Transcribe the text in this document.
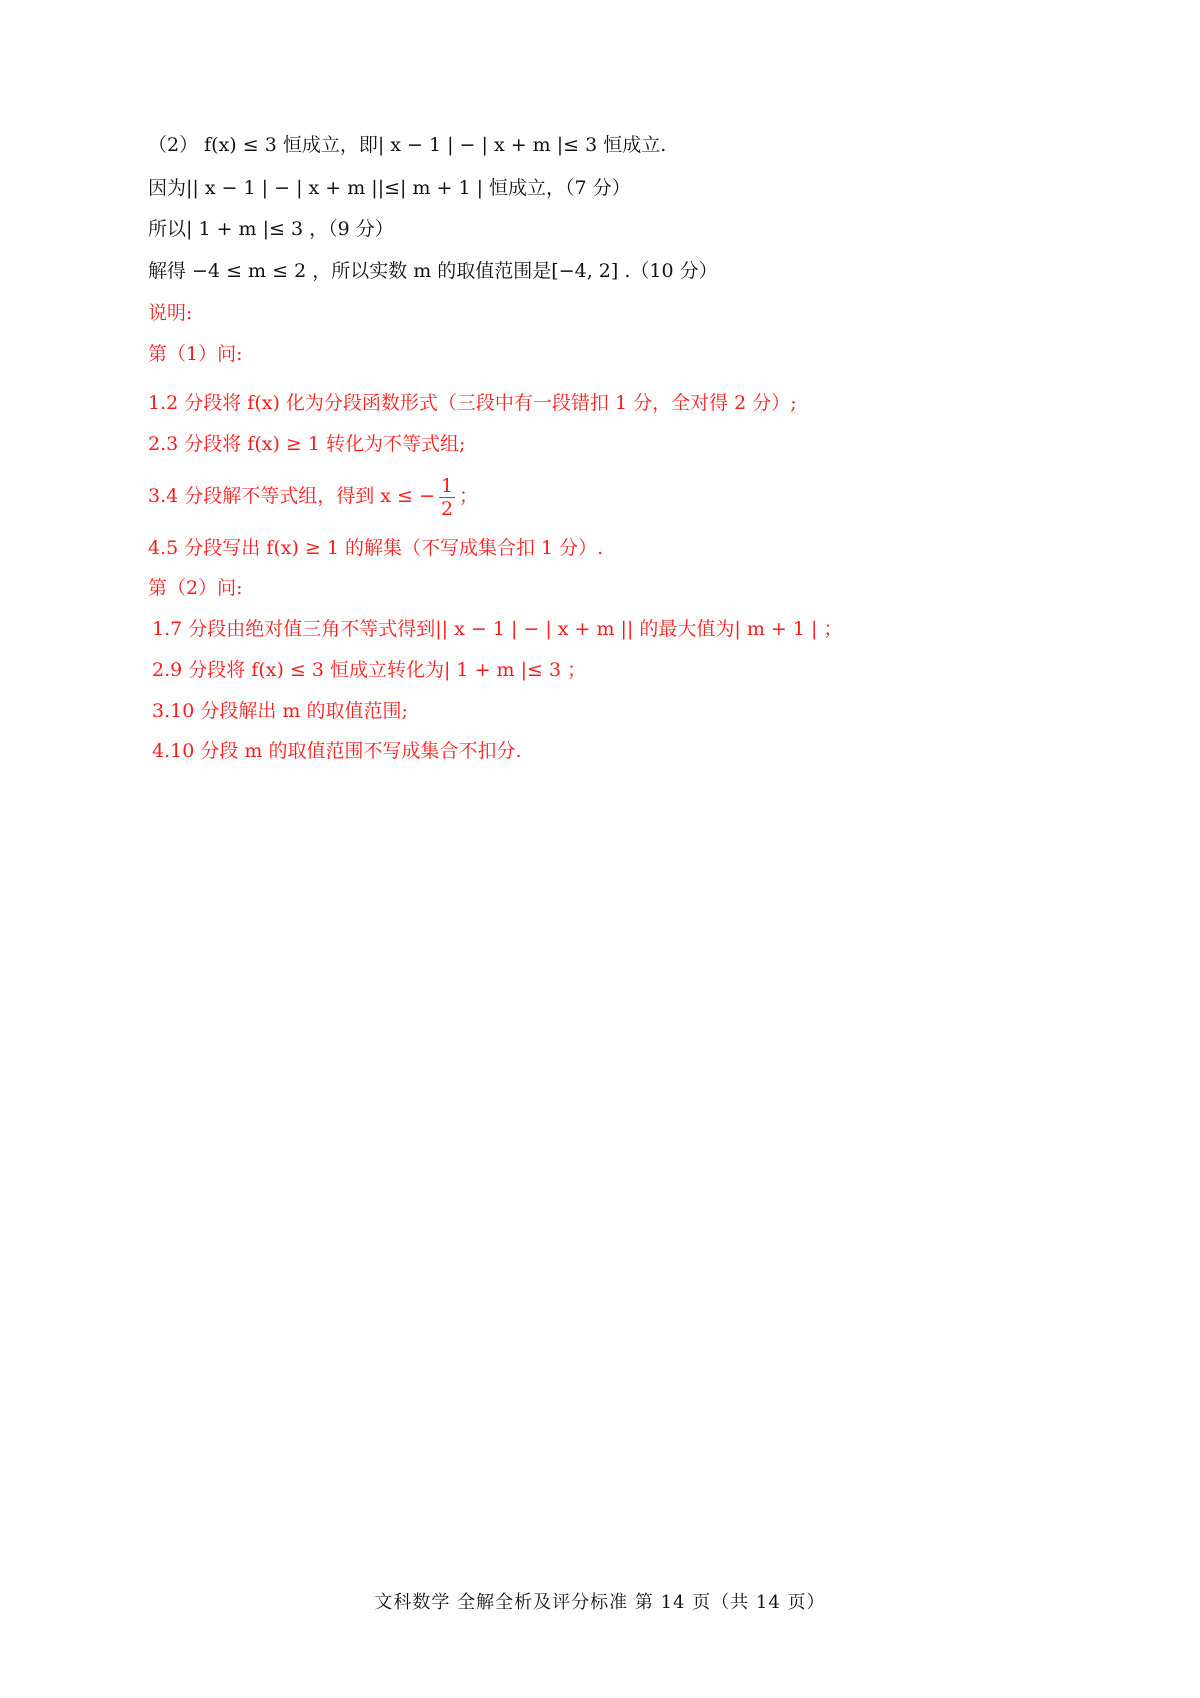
（2） f(x) ≤ 3 恒成立，即| x − 1 | − | x + m |≤ 3 恒成立.
因为|| x − 1 | − | x + m ||≤| m + 1 | 恒成立，（7 分）
所以| 1 + m |≤ 3 ，（9 分）
解得 −4 ≤ m ≤ 2 ，所以实数 m 的取值范围是[−4, 2] .（10 分）
说明:
第（1）问:
1.2 分段将 f(x) 化为分段函数形式（三段中有一段错扣 1 分，全对得 2 分）;
2.3 分段将 f(x) ≥ 1 转化为不等式组;
3.4 分段解不等式组，得到 x ≤ − $\frac{1}{2}$ ；
4.5 分段写出 f(x) ≥ 1 的解集（不写成集合扣 1 分）.
第（2）问:
1.7 分段由绝对值三角不等式得到|| x − 1 | − | x + m || 的最大值为| m + 1 | ；
2.9 分段将 f(x) ≤ 3 恒成立转化为| 1 + m |≤ 3 ；
3.10 分段解出 m 的取值范围;
4.10 分段 m 的取值范围不写成集合不扣分.
文科数学 全解全析及评分标准 第 14 页（共 14 页）
